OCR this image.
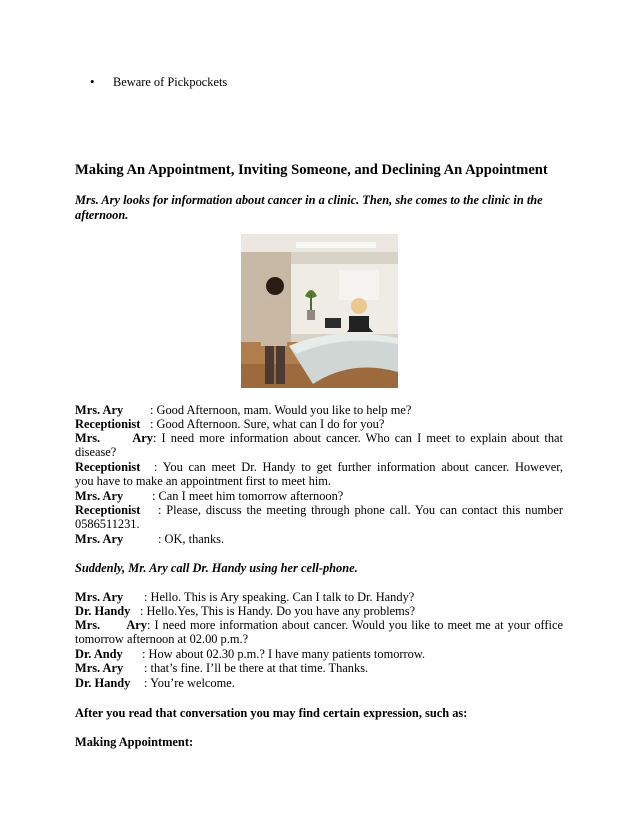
• Beware of Pickpockets
Making An Appointment, Inviting Someone, and Declining An Appointment
Mrs. Ary looks for information about cancer in a clinic. Then, she comes to the clinic in the afternoon.
Mrs. Ary : Good Afternoon, mam. Would you like to help me?
Receptionist : Good Afternoon. Sure, what can I do for you?
Mrs. Ary: I need more information about cancer. Who can I meet to explain about that
disease?
Receptionist : You can meet Dr. Handy to get further information about cancer. However,
you have to make an appointment first to meet him.
Mrs. Ary : Can I meet him tomorrow afternoon?
Receptionist : Please, discuss the meeting through phone call. You can contact this number
0586511231.
Mrs. Ary	: OK, thanks.
Suddenly, Mr. Ary call Dr. Handy using her cell-phone.
Mrs. Ary : Hello. This is Ary speaking. Can I talk to Dr. Handy?
Dr. Handy : Hello.Yes, This is Handy. Do you have any problems?
Mrs. Ary: I need more information about cancer. Would you like to meet me at your office
tomorrow afternoon at 02.00 p.m.?
Dr. Andy : How about 02.30 p.m.? I have many patients tomorrow.
Mrs. Ary : that’s fine. I’ll be there at that time. Thanks.
Dr. Handy : You’re welcome.
After you read that conversation you may find certain expression, such as:
Making Appointment:
